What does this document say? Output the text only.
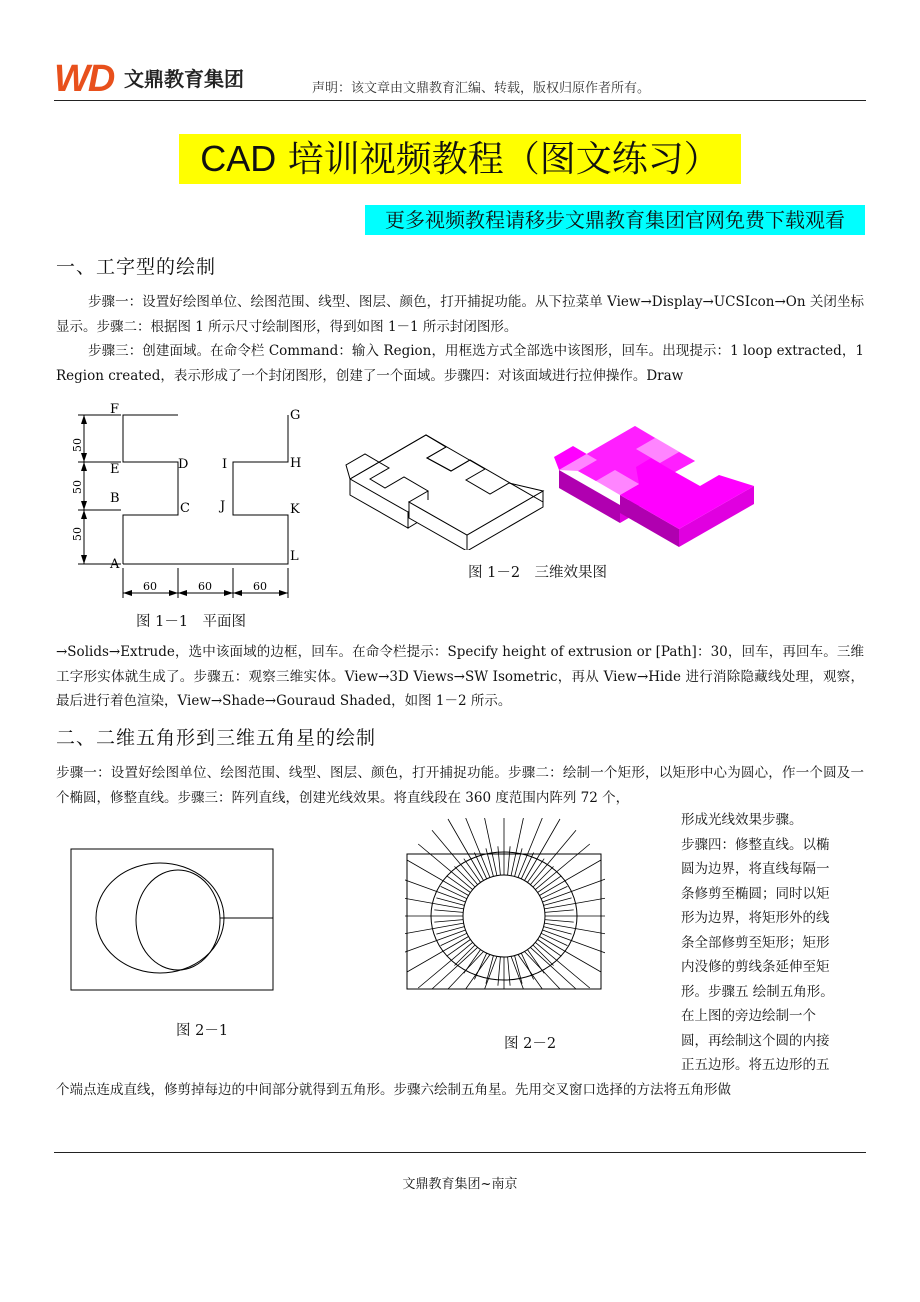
WD 文鼎教育集团	声明：该文章由文鼎教育汇编、转载，版权归原作者所有。
CAD 培训视频教程（图文练习）
更多视频教程请移步文鼎教育集团官网免费下载观看
一、工字型的绘制
步骤一：设置好绘图单位、绘图范围、线型、图层、颜色，打开捕捉功能。从下拉菜单 View→Display→UCSIcon→On 关闭坐标显示。步骤二：根据图 1 所示尺寸绘制图形，得到如图 1－1 所示封闭图形。
步骤三：创建面域。在命令栏 Command：输入 Region，用框选方式全部选中该图形，回车。出现提示：1 loop extracted，1 Region created，表示形成了一个封闭图形，创建了一个面域。步骤四：对该面域进行拉伸操作。Draw
50
50
50
60	60	60
F	G
E	D	I	H
B
C J	K
A
L
图 1－1　平面图
图 1－2　三维效果图
→Solids→Extrude，选中该面域的边框，回车。在命令栏提示：Specify height of extrusion or [Path]：30，回车，再回车。三维工字形实体就生成了。步骤五：观察三维实体。View→3D Views→SW Isometric，再从 View→Hide 进行消除隐藏线处理，观察，最后进行着色渲染，View→Shade→Gouraud Shaded，如图 1－2 所示。
二、二维五角形到三维五角星的绘制
步骤一：设置好绘图单位、绘图范围、线型、图层、颜色，打开捕捉功能。步骤二：绘制一个矩形，以矩形中心为圆心，作一个圆及一个椭圆，修整直线。步骤三：阵列直线，创建光线效果。将直线段在 360 度范围内阵列 72 个，
图 2－1
图 2－2
形成光线效果步骤。
步骤四：修整直线。以椭
圆为边界，将直线每隔一
条修剪至椭圆；同时以矩
形为边界，将矩形外的线
条全部修剪至矩形；矩形
内没修的剪线条延伸至矩
形。步骤五 绘制五角形。
在上图的旁边绘制一个
圆，再绘制这个圆的内接
正五边形。将五边形的五
个端点连成直线，修剪掉每边的中间部分就得到五角形。步骤六绘制五角星。先用交叉窗口选择的方法将五角形做
文鼎教育集团~南京
